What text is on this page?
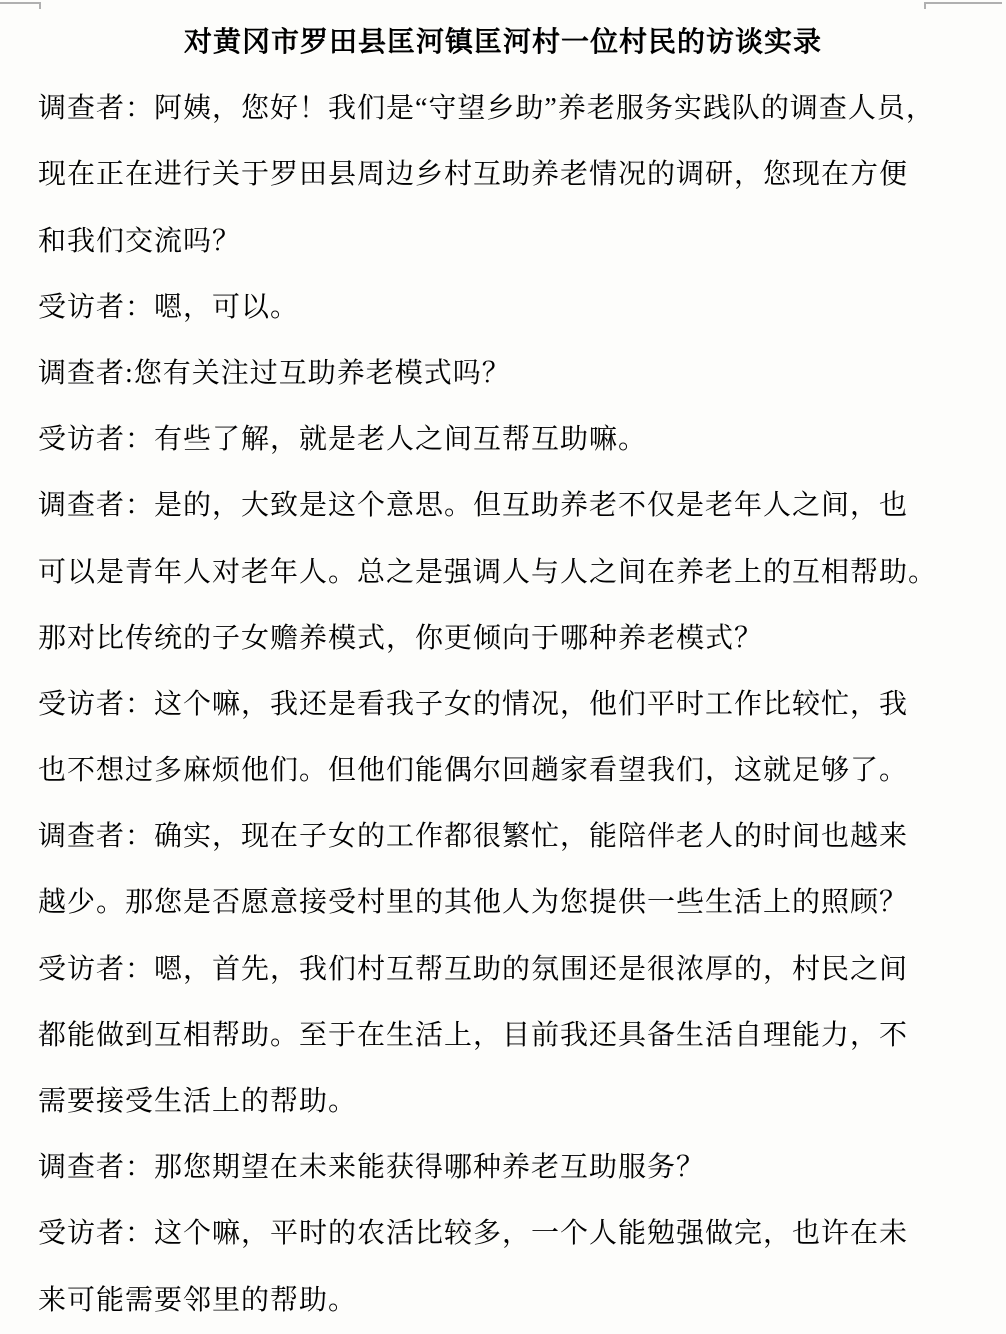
对黄冈市罗田县匡河镇匡河村一位村民的访谈实录
调查者：阿姨，您好！我们是“守望乡助”养老服务实践队的调查人员，
现在正在进行关于罗田县周边乡村互助养老情况的调研，您现在方便
和我们交流吗？
受访者：嗯，可以。
调查者:您有关注过互助养老模式吗？
受访者：有些了解，就是老人之间互帮互助嘛。
调查者：是的，大致是这个意思。但互助养老不仅是老年人之间，也
可以是青年人对老年人。总之是强调人与人之间在养老上的互相帮助。
那对比传统的子女赡养模式，你更倾向于哪种养老模式？
受访者：这个嘛，我还是看我子女的情况，他们平时工作比较忙，我
也不想过多麻烦他们。但他们能偶尔回趟家看望我们，这就足够了。
调查者：确实，现在子女的工作都很繁忙，能陪伴老人的时间也越来
越少。那您是否愿意接受村里的其他人为您提供一些生活上的照顾？
受访者：嗯，首先，我们村互帮互助的氛围还是很浓厚的，村民之间
都能做到互相帮助。至于在生活上，目前我还具备生活自理能力，不
需要接受生活上的帮助。
调查者：那您期望在未来能获得哪种养老互助服务？
受访者：这个嘛，平时的农活比较多，一个人能勉强做完，也许在未
来可能需要邻里的帮助。
